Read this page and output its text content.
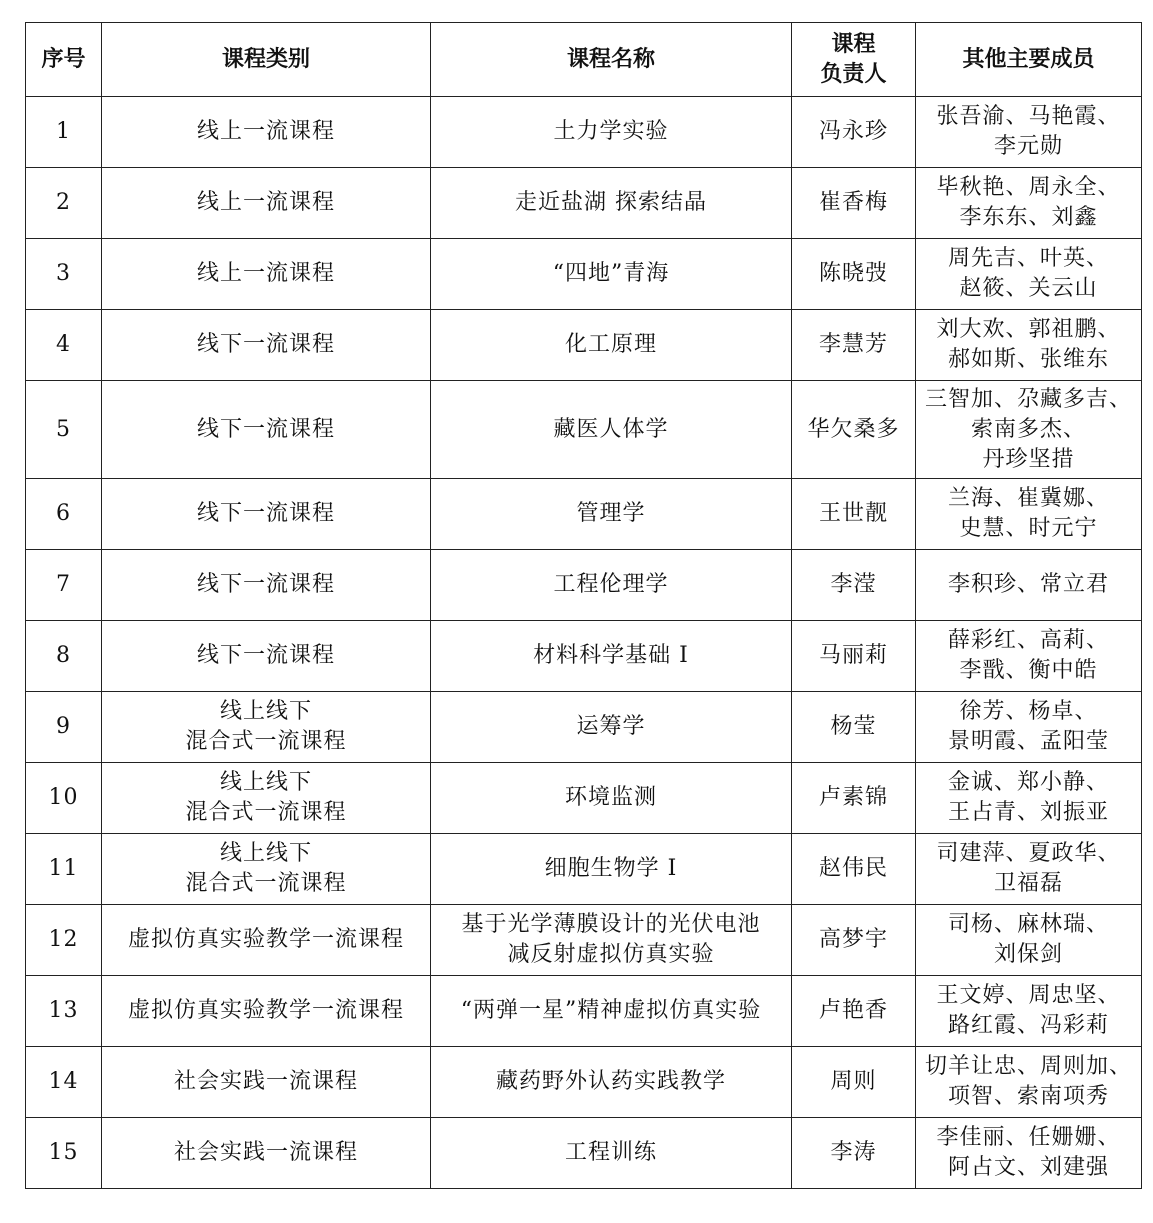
序号	课程类别	课程名称	课程
负责人	其他主要成员
1	线上一流课程	土力学实验	冯永珍	张吾渝、马艳霞、
李元勋

2	线上一流课程	走近盐湖 探索结晶	崔香梅	毕秋艳、周永全、
李东东、刘鑫

3	线上一流课程	“四地”青海	陈晓弢	周先吉、叶英、
赵筱、关云山

4	线下一流课程	化工原理	李慧芳	刘大欢、郭祖鹏、
郝如斯、张维东

5	线下一流课程	藏医人体学	华欠桑多	三智加、尕藏多吉、
索南多杰、
丹珍坚措

6	线下一流课程	管理学	王世靓	兰海、崔冀娜、
史慧、时元宁

7	线下一流课程	工程伦理学	李滢	李积珍、常立君

8	线下一流课程	材料科学基础 I	马丽莉	薛彩红、高莉、
李戬、衡中皓

9	线上线下
混合式一流课程	运筹学	杨莹	徐芳、杨卓、
景明霞、孟阳莹

10	线上线下
混合式一流课程	环境监测	卢素锦	金诚、郑小静、
王占青、刘振亚

11	线上线下
混合式一流课程	细胞生物学 I	赵伟民	司建萍、夏政华、
卫福磊

12	虚拟仿真实验教学一流课程	基于光学薄膜设计的光伏电池
减反射虚拟仿真实验	高梦宇	司杨、麻林瑞、
刘保剑

13	虚拟仿真实验教学一流课程	“两弹一星”精神虚拟仿真实验	卢艳香	王文婷、周忠坚、
路红霞、冯彩莉

14	社会实践一流课程	藏药野外认药实践教学	周则	切羊让忠、周则加、
项智、索南项秀

15	社会实践一流课程	工程训练	李涛	李佳丽、任姗姗、
阿占文、刘建强
